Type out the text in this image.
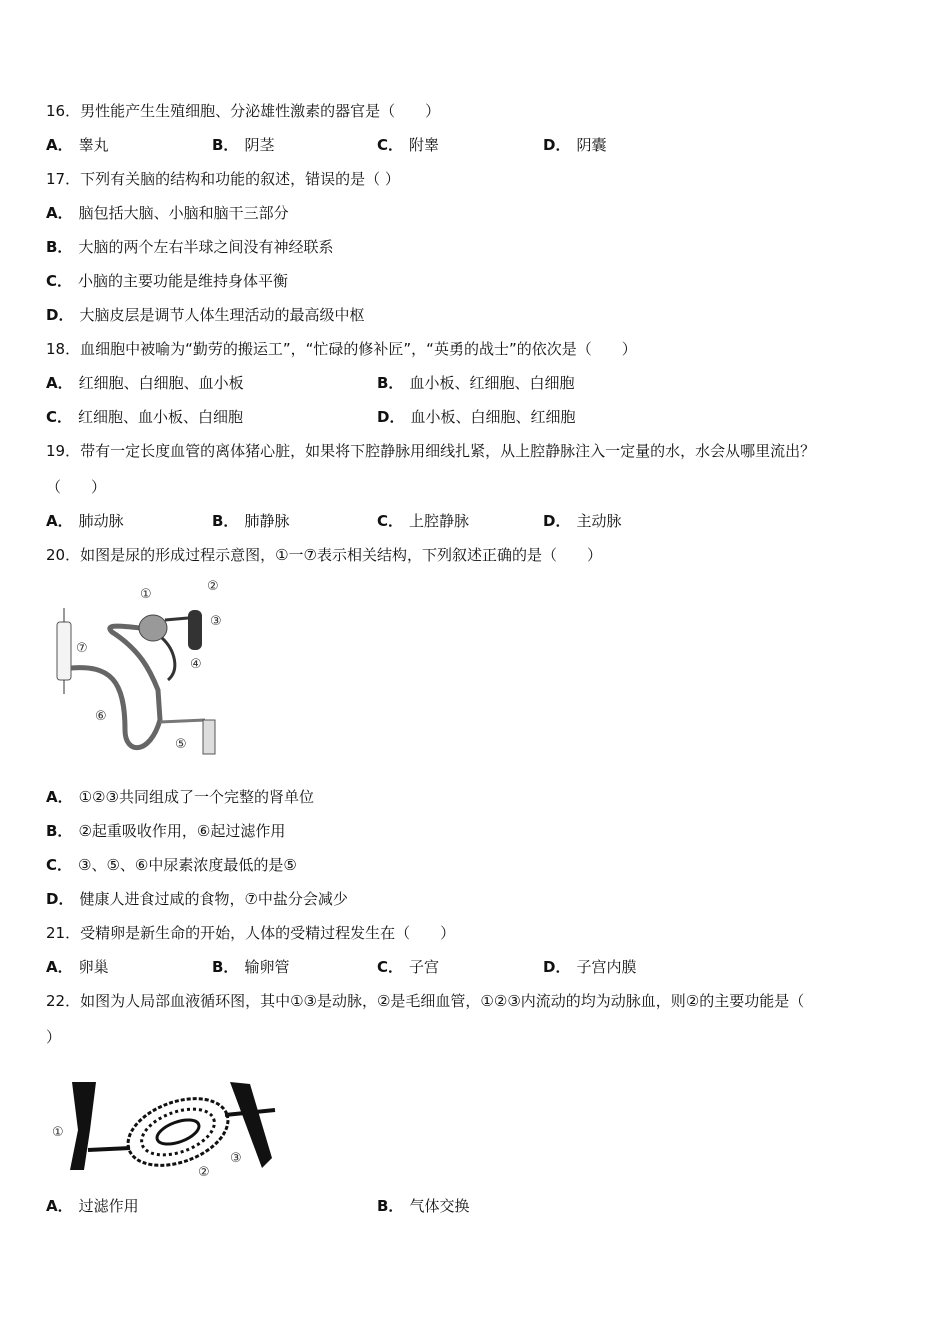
16．男性能产生生殖细胞、分泌雄性激素的器官是（　　）
A． 睾丸	B． 阴茎	C． 附睾	D． 阴囊
17．下列有关脑的结构和功能的叙述，错误的是（ ）
A． 脑包括大脑、小脑和脑干三部分
B． 大脑的两个左右半球之间没有神经联系
C． 小脑的主要功能是维持身体平衡
D． 大脑皮层是调节人体生理活动的最高级中枢
18．血细胞中被喻为“勤劳的搬运工”，“忙碌的修补匠”，“英勇的战士”的依次是（　　）
A． 红细胞、白细胞、血小板	B． 血小板、红细胞、白细胞
C． 红细胞、血小板、白细胞	D． 血小板、白细胞、红细胞
19．带有一定长度血管的离体猪心脏，如果将下腔静脉用细线扎紧，从上腔静脉注入一定量的水，水会从哪里流出？
（　　）
A． 肺动脉	B． 肺静脉	C． 上腔静脉	D． 主动脉
20．如图是尿的形成过程示意图，①一⑦表示相关结构，下列叙述正确的是（　　）
①
②
③
④
⑤
⑥
⑦
A． ①②③共同组成了一个完整的肾单位
B． ②起重吸收作用，⑥起过滤作用
C． ③、⑤、⑥中尿素浓度最低的是⑤
D． 健康人进食过咸的食物，⑦中盐分会减少
21．受精卵是新生命的开始，人体的受精过程发生在（　　）
A． 卵巢	B． 输卵管	C． 子宫	D． 子宫内膜
22．如图为人局部血液循环图，其中①③是动脉，②是毛细血管，①②③内流动的均为动脉血，则②的主要功能是（
）
①
②
③
A． 过滤作用	B． 气体交换
